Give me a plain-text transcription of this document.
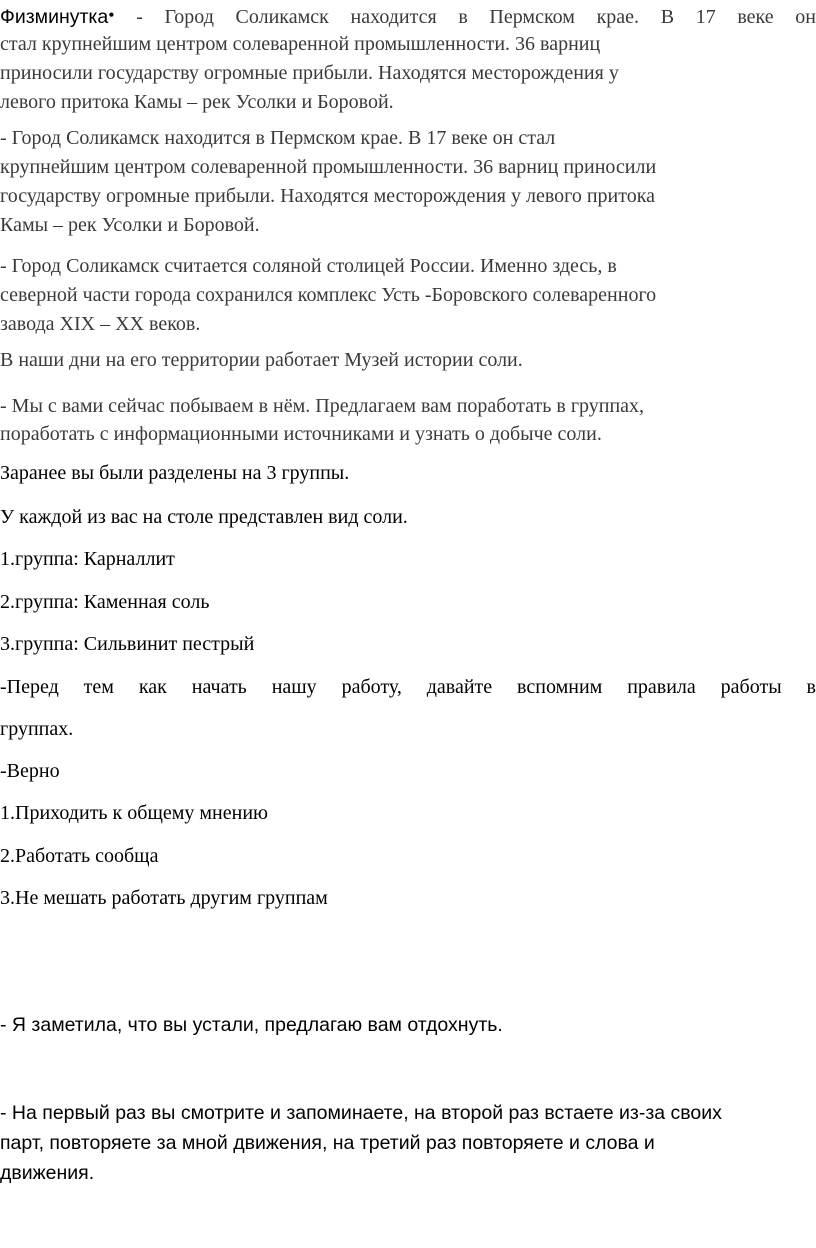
Физминутка• - Город Соликамск находится в Пермском крае. В 17 веке он
стал крупнейшим центром солеваренной промышленности. 36 варниц
приносили государству огромные прибыли. Находятся месторождения у
левого притока Камы – рек Усолки и Боровой.
- Город Соликамск находится в Пермском крае. В 17 веке он стал
крупнейшим центром солеваренной промышленности. 36 варниц приносили
государству огромные прибыли. Находятся месторождения у левого притока
Камы – рек Усолки и Боровой.
- Город Соликамск считается соляной столицей России. Именно здесь, в
северной части города сохранился комплекс Усть -Боровского солеваренного
завода XIX – XX веков.
В наши дни на его территории работает Музей истории соли.
- Мы с вами сейчас побываем в нём. Предлагаем вам поработать в группах,
поработать с информационными источниками и узнать о добыче соли.
Заранее вы были разделены на 3 группы.
У каждой из вас на столе представлен вид соли.
1.группа: Карналлит
2.группа: Каменная соль
3.группа: Сильвинит пестрый
-Перед тем как начать нашу работу, давайте вспомним правила работы в
группах.
-Верно
1.Приходить к общему мнению
2.Работать сообща
3.Не мешать работать другим группам
- Я заметила, что вы устали, предлагаю вам отдохнуть.
- На первый раз вы смотрите и запоминаете, на второй раз встаете из-за своих
парт, повторяете за мной движения, на третий раз повторяете и слова и
движения.
